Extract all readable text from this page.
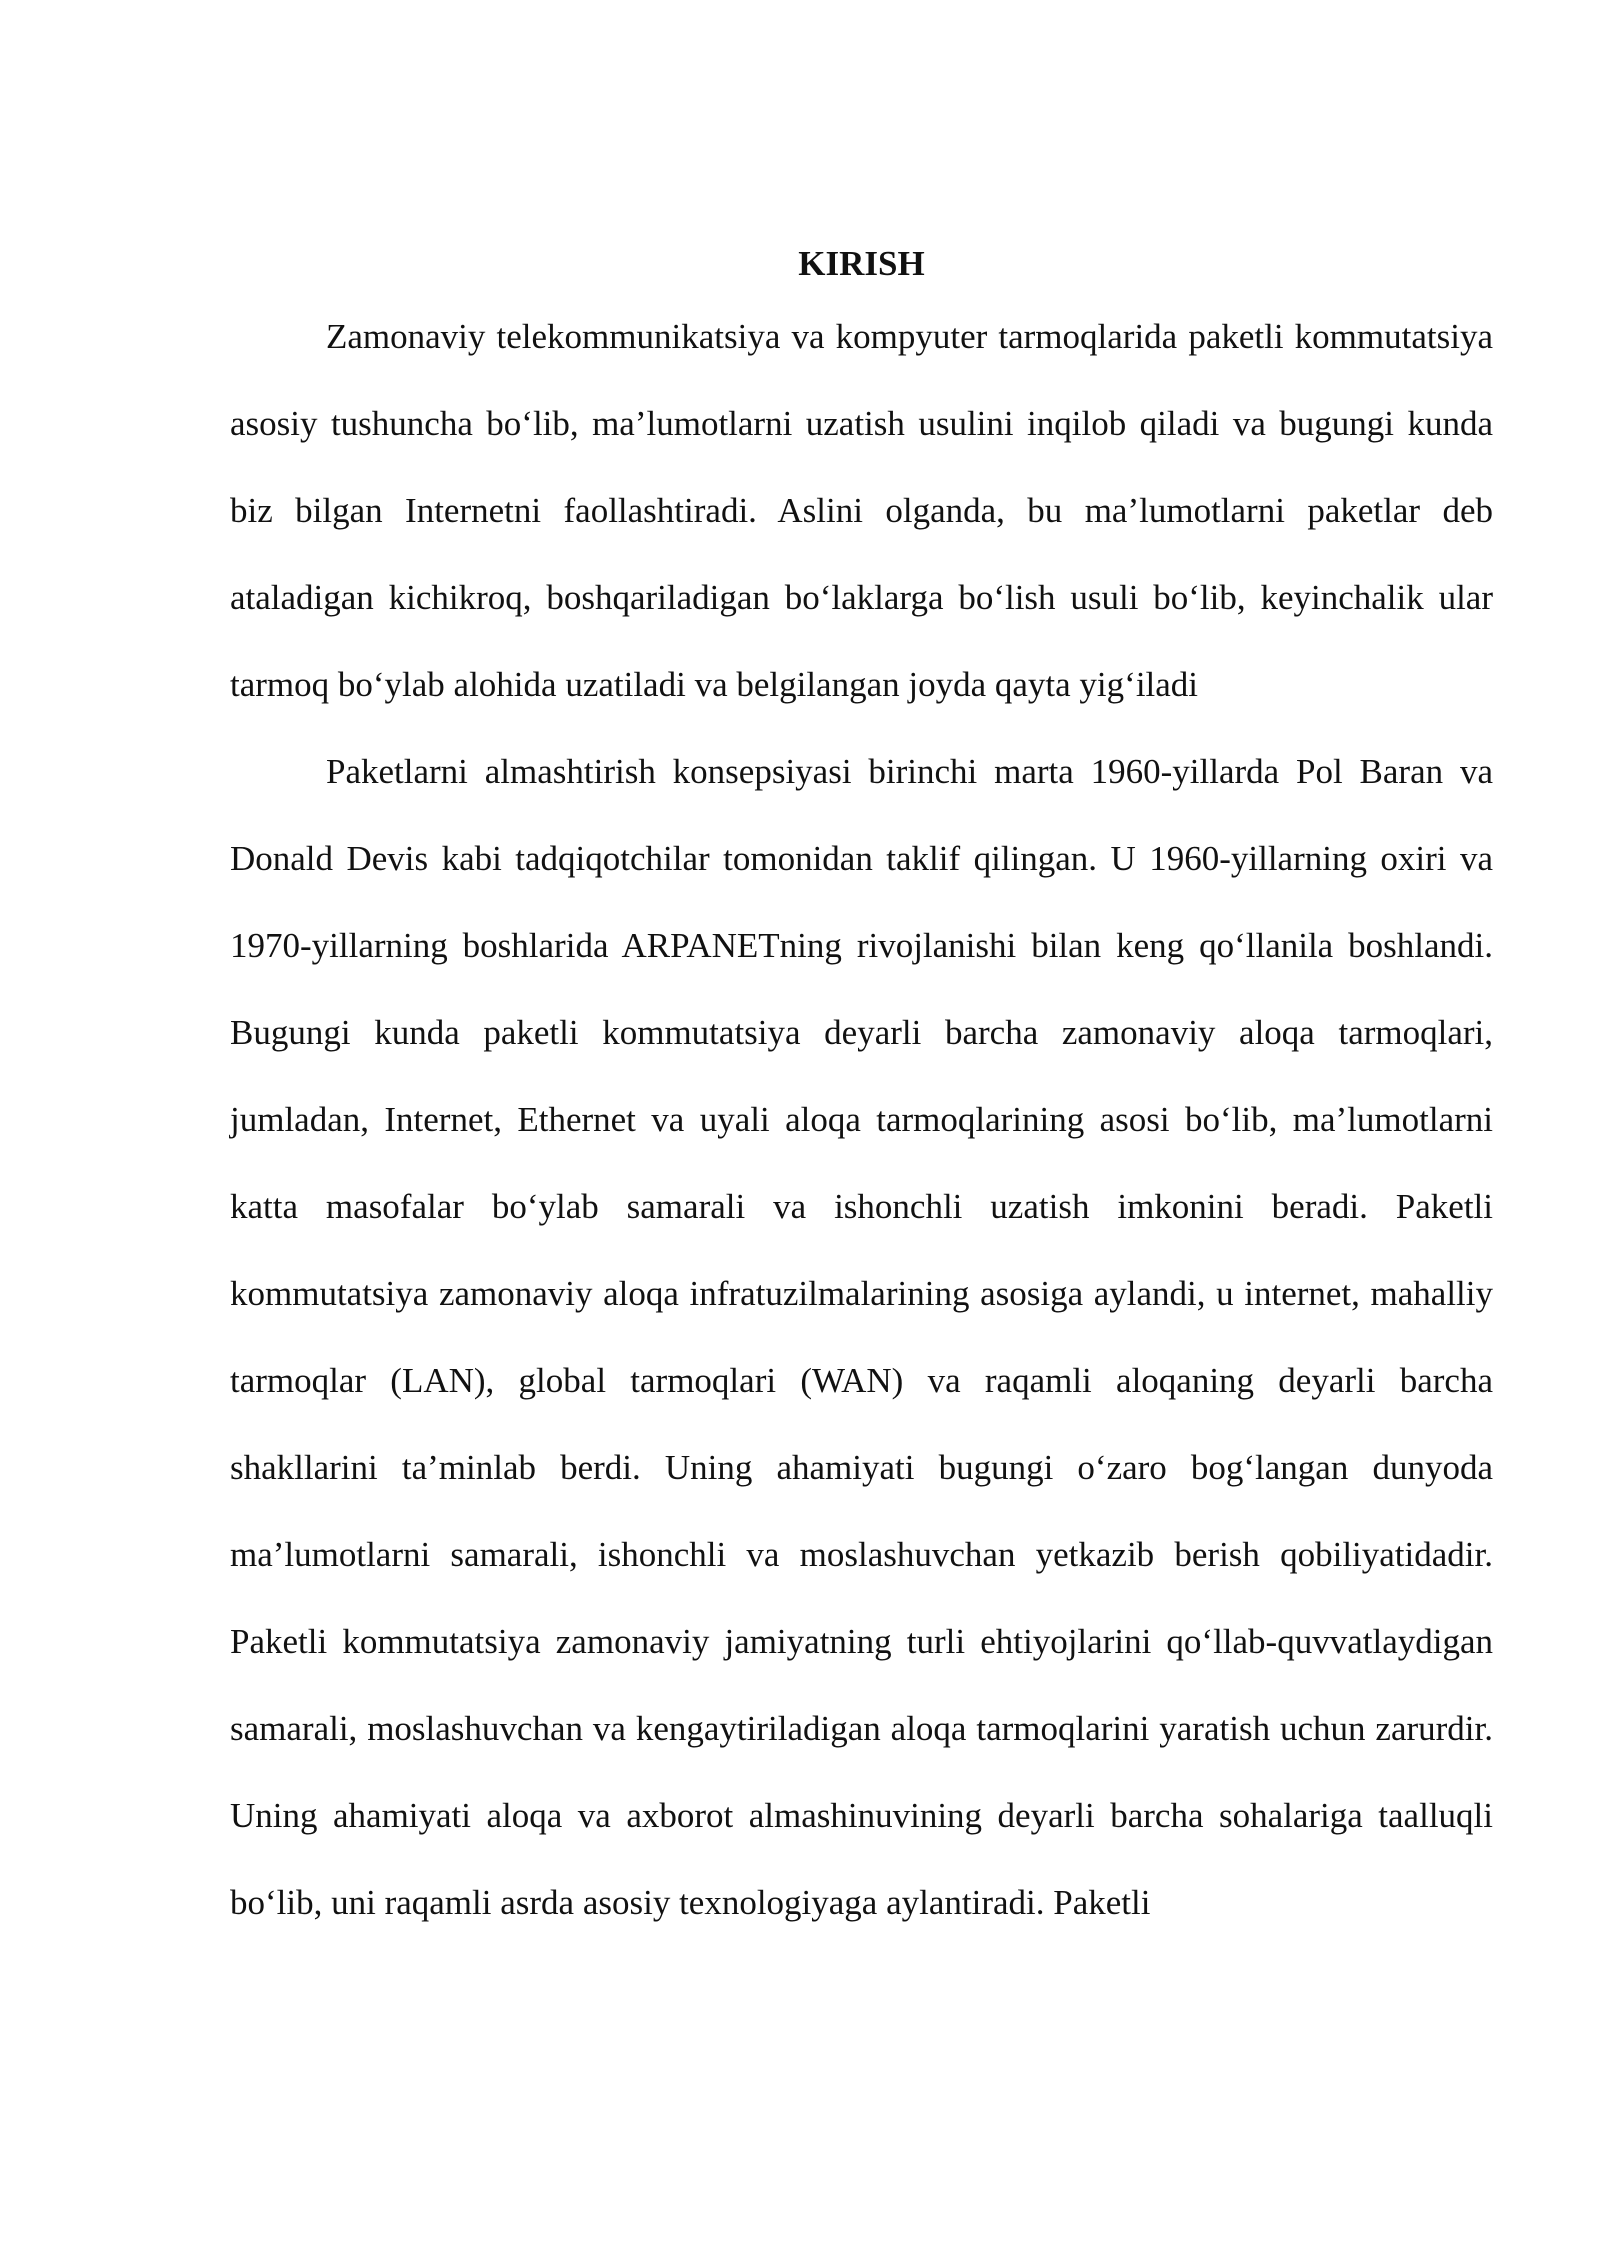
KIRISH

Zamonaviy telekommunikatsiya va kompyuter tarmoqlarida paketli kommutatsiya asosiy tushuncha bo‘lib, ma’lumotlarni uzatish usulini inqilob qiladi va bugungi kunda biz bilgan Internetni faollashtiradi. Aslini olganda, bu ma’lumotlarni paketlar deb ataladigan kichikroq, boshqariladigan bo‘laklarga bo‘lish usuli bo‘lib, keyinchalik ular tarmoq bo‘ylab alohida uzatiladi va belgilangan joyda qayta yig‘iladi

Paketlarni almashtirish konsepsiyasi birinchi marta 1960-yillarda Pol Baran va Donald Devis kabi tadqiqotchilar tomonidan taklif qilingan. U 1960-yillarning oxiri va 1970-yillarning boshlarida ARPANETning rivojlanishi bilan keng qo‘llanila boshlandi. Bugungi kunda paketli kommutatsiya deyarli barcha zamonaviy aloqa tarmoqlari, jumladan, Internet, Ethernet va uyali aloqa tarmoqlarining asosi bo‘lib, ma’lumotlarni katta masofalar bo‘ylab samarali va ishonchli uzatish imkonini beradi. Paketli kommutatsiya zamonaviy aloqa infratuzilmalarining asosiga aylandi, u internet, mahalliy tarmoqlar (LAN), global tarmoqlari (WAN) va raqamli aloqaning deyarli barcha shakllarini ta’minlab berdi. Uning ahamiyati bugungi o‘zaro bog‘langan dunyoda ma’lumotlarni samarali, ishonchli va moslashuvchan yetkazib berish qobiliyatidadir. Paketli kommutatsiya zamonaviy jamiyatning turli ehtiyojlarini qo‘llab-quvvatlaydigan samarali, moslashuvchan va kengaytiriladigan aloqa tarmoqlarini yaratish uchun zarurdir. Uning ahamiyati aloqa va axborot almashinuvining deyarli barcha sohalariga taalluqli bo‘lib, uni raqamli asrda asosiy texnologiyaga aylantiradi. Paketli
